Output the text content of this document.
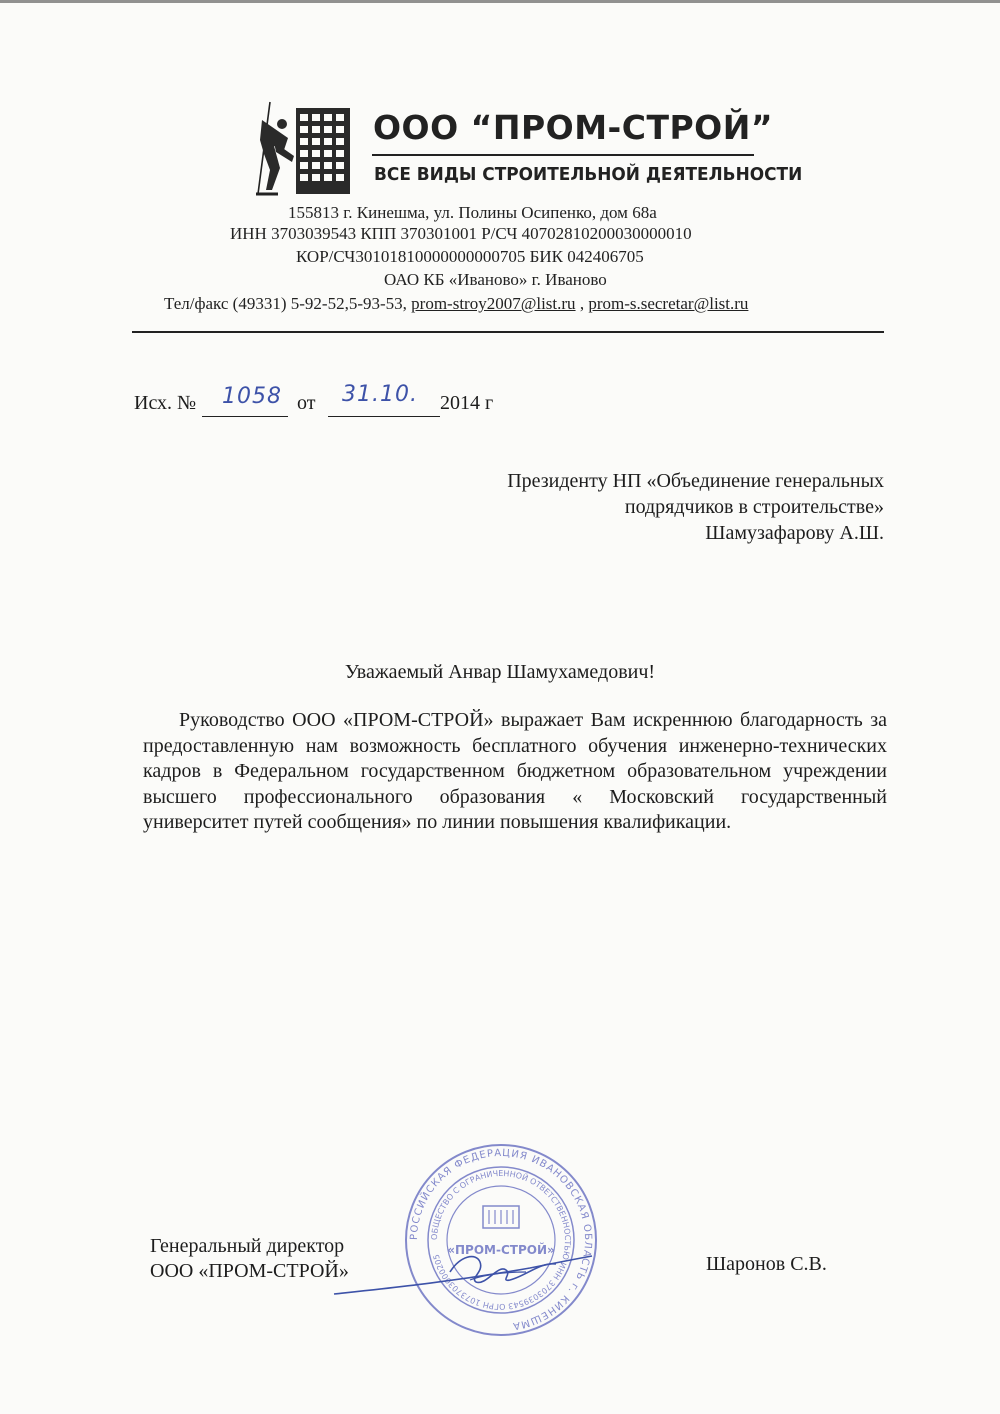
ООО “ПРОМ-СТРОЙ”
ВСЕ ВИДЫ СТРОИТЕЛЬНОЙ ДЕЯТЕЛЬНОСТИ
155813 г. Кинешма, ул. Полины Осипенко, дом 68а
ИНН 3703039543 КПП 370301001 Р/СЧ 40702810200030000010
КОР/СЧ30101810000000000705 БИК 042406705
ОАО КБ «Иваново» г. Иваново
Тел/факс (49331) 5-92-52,5-93-53, prom-stroy2007@list.ru , prom-s.secretar@list.ru
Исх. № 1058 от 31.10. 2014 г
Президенту НП «Объединение генеральных
подрядчиков в строительстве»
Шамузафарову А.Ш.
Уважаемый Анвар Шамухамедович!
Руководство ООО «ПРОМ-СТРОЙ» выражает Вам искреннюю благодарность за предоставленную нам возможность бесплатного обучения инженерно-технических кадров в Федеральном государственном бюджетном образовательном учреждении высшего профессионального образования « Московский государственный университет путей сообщения» по линии повышения квалификации.
Генеральный директор
ООО «ПРОМ-СТРОЙ»	Шаронов С.В.
РОССИЙСКАЯ ФЕДЕРАЦИЯ ИВАНОВСКАЯ ОБЛАСТЬ г. КИНЕШМА
ОБЩЕСТВО С ОГРАНИЧЕННОЙ ОТВЕТСТВЕННОСТЬЮ ИНН 3703039543 ОГРН 1073703000205 «ПРОМ-СТРОЙ»
